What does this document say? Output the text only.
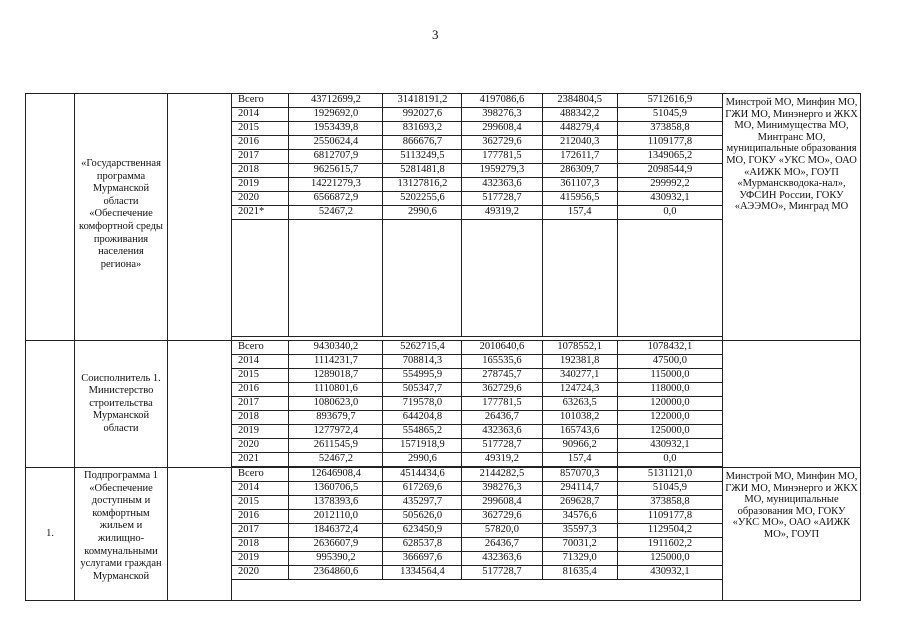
3
	«Государственная программа Мурманской области «Обеспечение комфортной среды проживания населения региона»		
Всего	43712699,2	31418191,2	4197086,6	2384804,5	5712616,9
2014	1929692,0	992027,6	398276,3	488342,2	51045,9
2015	1953439,8	831693,2	299608,4	448279,4	373858,8
2016	2550624,4	866676,7	362729,6	212040,3	1109177,8
2017	6812707,9	5113249,5	177781,5	172611,7	1349065,2
2018	9625615,7	5281481,8	1959279,3	286309,7	2098544,9
2019	14221279,3	13127816,2	432363,6	361107,3	299992,2
2020	6566872,9	5202255,6	517728,7	415956,5	430932,1
2021*	52467,2	2990,6	49319,2	157,4	0,0

	Минстрой МО, Минфин МО, ГЖИ МО, Минэнерго и ЖКХ МО, Минимущества МО, Минтранс МО, муниципальные образования МО, ГОКУ «УКС МО», ОАО «АИЖК МО», ГОУП «Мурманскводока-нал», УФСИН России, ГОКУ «АЭЭМО», Минград МО
	Соисполнитель 1. Министерство строительства Мурманской области		
Всего	9430340,2	5262715,4	2010640,6	1078552,1	1078432,1
2014	1114231,7	708814,3	165535,6	192381,8	47500,0
2015	1289018,7	554995,9	278745,7	340277,1	115000,0
2016	1110801,6	505347,7	362729,6	124724,3	118000,0
2017	1080623,0	719578,0	177781,5	63263,5	120000,0
2018	893679,7	644204,8	26436,7	101038,2	122000,0
2019	1277972,4	554865,2	432363,6	165743,6	125000,0
2020	2611545,9	1571918,9	517728,7	90966,2	430932,1
2021	52467,2	2990,6	49319,2	157,4	0,0

1.	Подпрограмма 1 «Обеспечение доступным и комфортным жильем и жилищно-коммунальными услугами граждан Мурманской		
Всего	12646908,4	4514434,6	2144282,5	857070,3	5131121,0
2014	1360706,5	617269,6	398276,3	294114,7	51045,9
2015	1378393,6	435297,7	299608,4	269628,7	373858,8
2016	2012110,0	505626,0	362729,6	34576,6	1109177,8
2017	1846372,4	623450,9	57820,0	35597,3	1129504,2
2018	2636607,9	628537,8	26436,7	70031,2	1911602,2
2019	995390,2	366697,6	432363,6	71329,0	125000,0
2020	2364860,6	1334564,4	517728,7	81635,4	430932,1
	Минстрой МО, Минфин МО, ГЖИ МО, Минэнерго и ЖКХ МО, муниципальные образования МО, ГОКУ «УКС МО», ОАО «АИЖК МО», ГОУП
